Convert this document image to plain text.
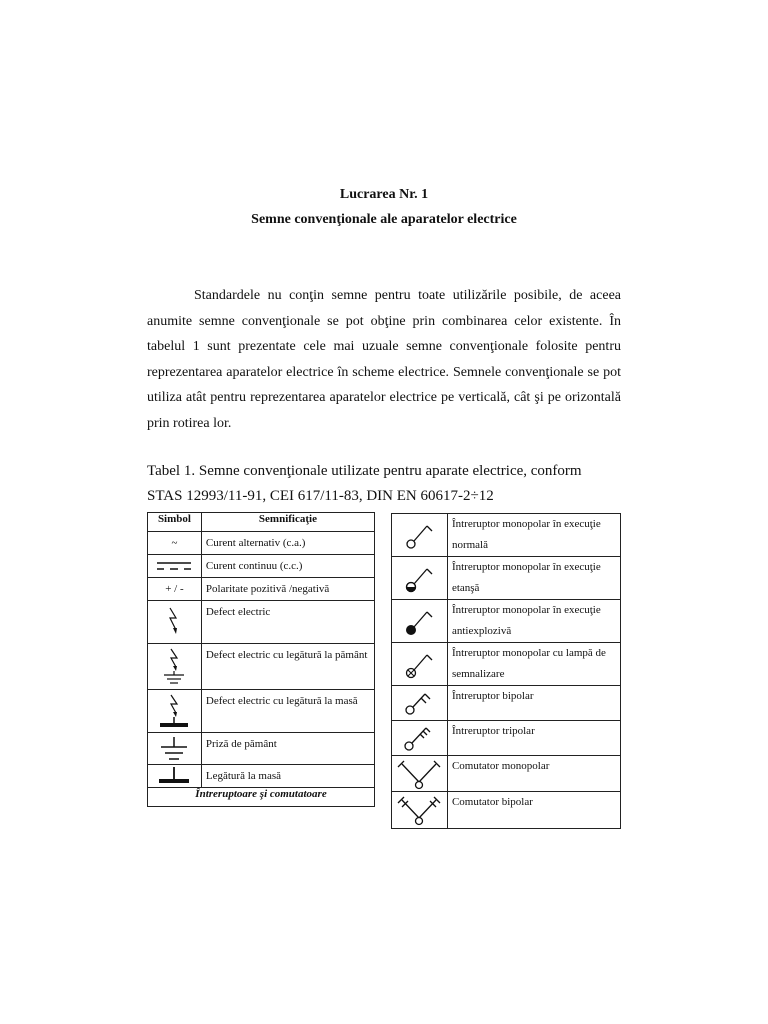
Lucrarea Nr. 1
Semne convenţionale ale aparatelor electrice

Standardele nu conţin semne pentru toate utilizările posibile, de aceea anumite semne convenţionale se pot obţine prin combinarea celor existente. În tabelul 1 sunt prezentate cele mai uzuale semne convenţionale folosite pentru reprezentarea aparatelor electrice în scheme electrice. Semnele convenţionale se pot utiliza atât pentru reprezentarea aparatelor electrice pe verticală, cât şi pe orizontală prin rotirea lor.

Tabel 1. Semne convenţionale utilizate pentru aparate electrice, conform
STAS 12993/11-91, CEI 617/11-83, DIN EN 60617-2÷12

Simbol	Semnificaţie
~	Curent alternativ (c.a.)

	Curent continuu (c.c.)
+ / -	Polaritate pozitivă /negativă

	Defect electric

	Defect electric cu legătură la pământ

	Defect electric cu legătură la masă

	Priză de pământ

	Legătură la masă
Întreruptoare şi comutatoare	
	Întreruptor monopolar în execuţie normală

	Întreruptor monopolar în execuţie etanşă

	Întreruptor monopolar în execuţie antiexplozivă

	Întreruptor monopolar cu lampă de semnalizare

	Întreruptor bipolar

	Întreruptor tripolar

	Comutator monopolar

	Comutator bipolar
